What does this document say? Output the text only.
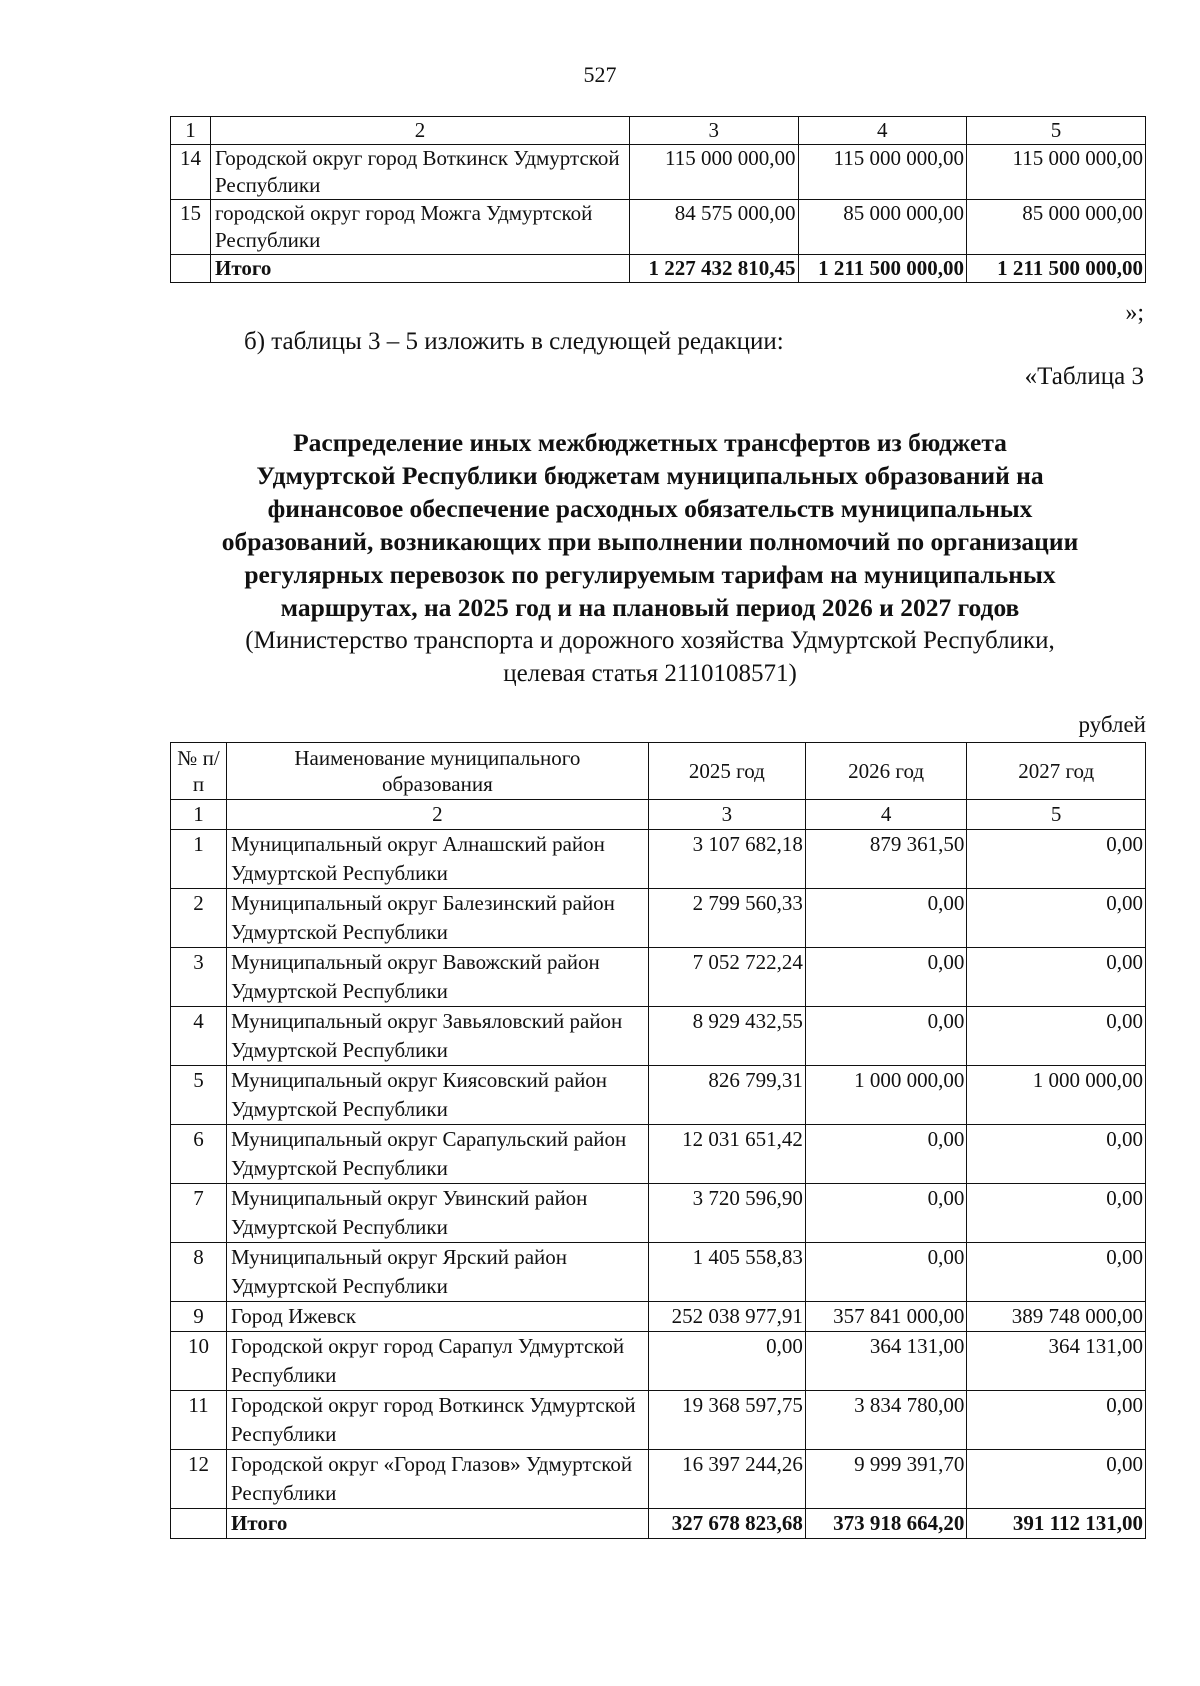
527
1	2	3	4	5
14	Городской округ город Воткинск Удмуртской Республики	115 000 000,00	115 000 000,00	115 000 000,00
15	городской округ город Можга Удмуртской Республики	84 575 000,00	85 000 000,00	85 000 000,00
	Итого	1 227 432 810,45	1 211 500 000,00	1 211 500 000,00
»;
б) таблицы 3 – 5 изложить в следующей редакции:
«Таблица 3
Распределение иных межбюджетных трансфертов из бюджета
Удмуртской Республики бюджетам муниципальных образований на
финансовое обеспечение расходных обязательств муниципальных
образований, возникающих при выполнении полномочий по организации
регулярных перевозок по регулируемым тарифам на муниципальных
маршрутах, на 2025 год и на плановый период 2026 и 2027 годов
(Министерство транспорта и дорожного хозяйства Удмуртской Республики,
целевая статья 2110108571)
рублей
№ п/п	Наименование муниципального образования	2025 год	2026 год	2027 год
1	2	3	4	5
1	Муниципальный округ Алнашский район Удмуртской Республики	3 107 682,18	879 361,50	0,00
2	Муниципальный округ Балезинский район Удмуртской Республики	2 799 560,33	0,00	0,00
3	Муниципальный округ Вавожский район Удмуртской Республики	7 052 722,24	0,00	0,00
4	Муниципальный округ Завьяловский район Удмуртской Республики	8 929 432,55	0,00	0,00
5	Муниципальный округ Киясовский район Удмуртской Республики	826 799,31	1 000 000,00	1 000 000,00
6	Муниципальный округ Сарапульский район Удмуртской Республики	12 031 651,42	0,00	0,00
7	Муниципальный округ Увинский район Удмуртской Республики	3 720 596,90	0,00	0,00
8	Муниципальный округ Ярский район Удмуртской Республики	1 405 558,83	0,00	0,00
9	Город Ижевск	252 038 977,91	357 841 000,00	389 748 000,00
10	Городской округ город Сарапул Удмуртской Республики	0,00	364 131,00	364 131,00
11	Городской округ город Воткинск Удмуртской Республики	19 368 597,75	3 834 780,00	0,00
12	Городской округ «Город Глазов» Удмуртской Республики	16 397 244,26	9 999 391,70	0,00
	Итого	327 678 823,68	373 918 664,20	391 112 131,00
